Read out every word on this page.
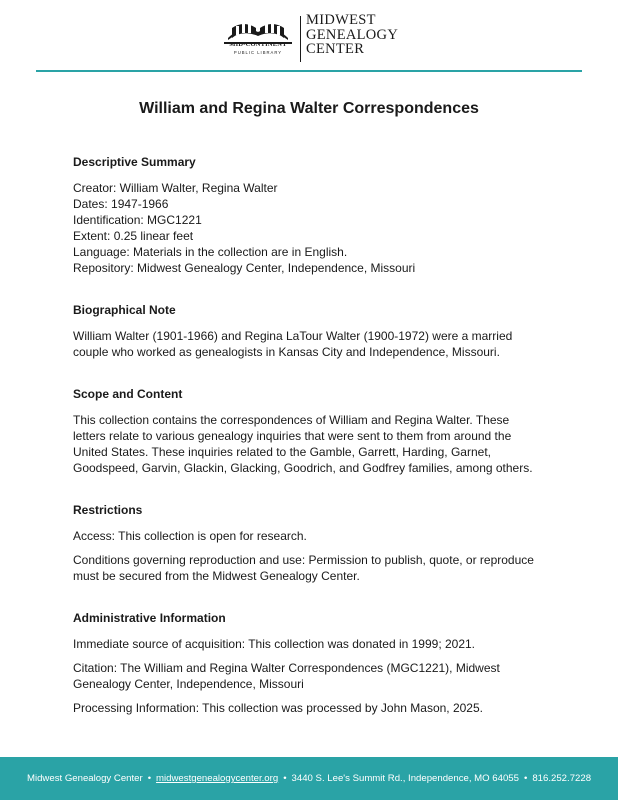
MID-CONTINENT
PUBLIC LIBRARY
MIDWEST
GENEALOGY
CENTER
William and Regina Walter Correspondences
Descriptive Summary
Creator: William Walter, Regina Walter
Dates: 1947-1966
Identification: MGC1221
Extent: 0.25 linear feet
Language: Materials in the collection are in English.
Repository: Midwest Genealogy Center, Independence, Missouri
Biographical Note
William Walter (1901-1966) and Regina LaTour Walter (1900-1972) were a married
couple who worked as genealogists in Kansas City and Independence, Missouri.
Scope and Content
This collection contains the correspondences of William and Regina Walter. These
letters relate to various genealogy inquiries that were sent to them from around the
United States. These inquiries related to the Gamble, Garrett, Harding, Garnet,
Goodspeed, Garvin, Glackin, Glacking, Goodrich, and Godfrey families, among others.
Restrictions
Access: This collection is open for research.
Conditions governing reproduction and use: Permission to publish, quote, or reproduce
must be secured from the Midwest Genealogy Center.
Administrative Information
Immediate source of acquisition: This collection was donated in 1999; 2021.
Citation: The William and Regina Walter Correspondences (MGC1221), Midwest
Genealogy Center, Independence, Missouri
Processing Information: This collection was processed by John Mason, 2025.
Midwest Genealogy Center • midwestgenealogycenter.org • 3440 S. Lee's Summit Rd., Independence, MO 64055 • 816.252.7228
